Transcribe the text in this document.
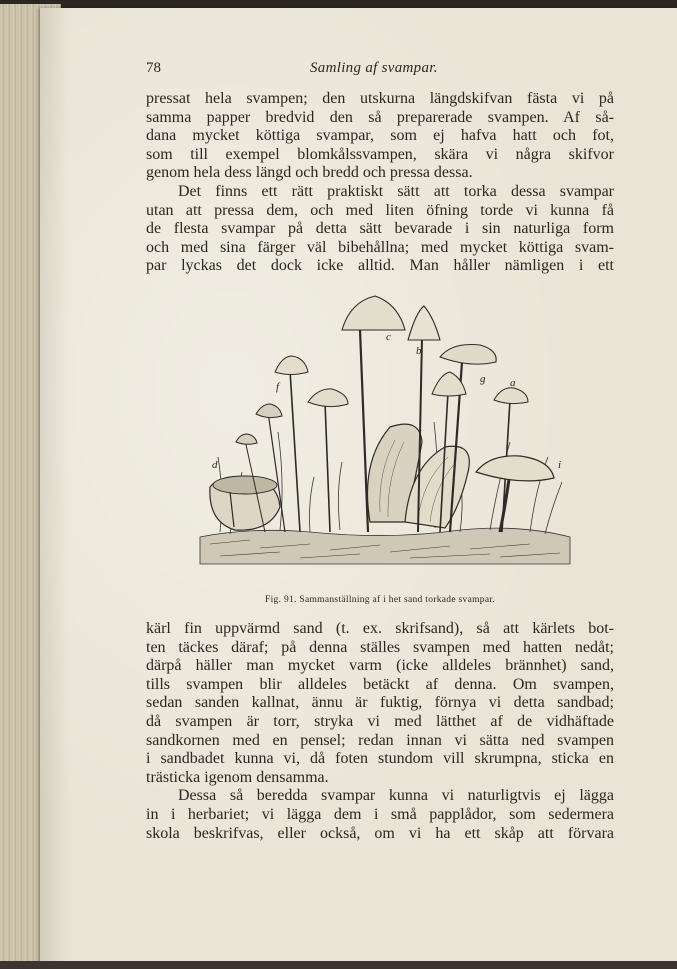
78	Samling af svampar.
pressat hela svampen; den utskurna längdskifvan fästa vi på
samma papper bredvid den så preparerade svampen. Af så-
dana mycket köttiga svampar, som ej hafva hatt och fot,
som till exempel blomkålssvampen, skära vi några skifvor
genom hela dess längd och bredd och pressa dessa.
Det finns ett rätt praktiskt sätt att torka dessa svampar
utan att pressa dem, och med liten öfning torde vi kunna få
de flesta svampar på detta sätt bevarade i sin naturliga form
och med sina färger väl bibehållna; med mycket köttiga svam-
par lyckas det dock icke alltid. Man håller nämligen i ett
c
b
g
f	a
i
d
Fig. 91. Sammanställning af i het sand torkade svampar.
kärl fin uppvärmd sand (t. ex. skrifsand), så att kärlets bot-
ten täckes däraf; på denna ställes svampen med hatten nedåt;
därpå häller man mycket varm (icke alldeles brännhet) sand,
tills svampen blir alldeles betäckt af denna. Om svampen,
sedan sanden kallnat, ännu är fuktig, förnya vi detta sandbad;
då svampen är torr, stryka vi med lätthet af de vidhäftade
sandkornen med en pensel; redan innan vi sätta ned svampen
i sandbadet kunna vi, då foten stundom vill skrumpna, sticka en
trästicka igenom densamma.
Dessa så beredda svampar kunna vi naturligtvis ej lägga
in i herbariet; vi lägga dem i små papplådor, som sedermera
skola beskrifvas, eller också, om vi ha ett skåp att förvara
